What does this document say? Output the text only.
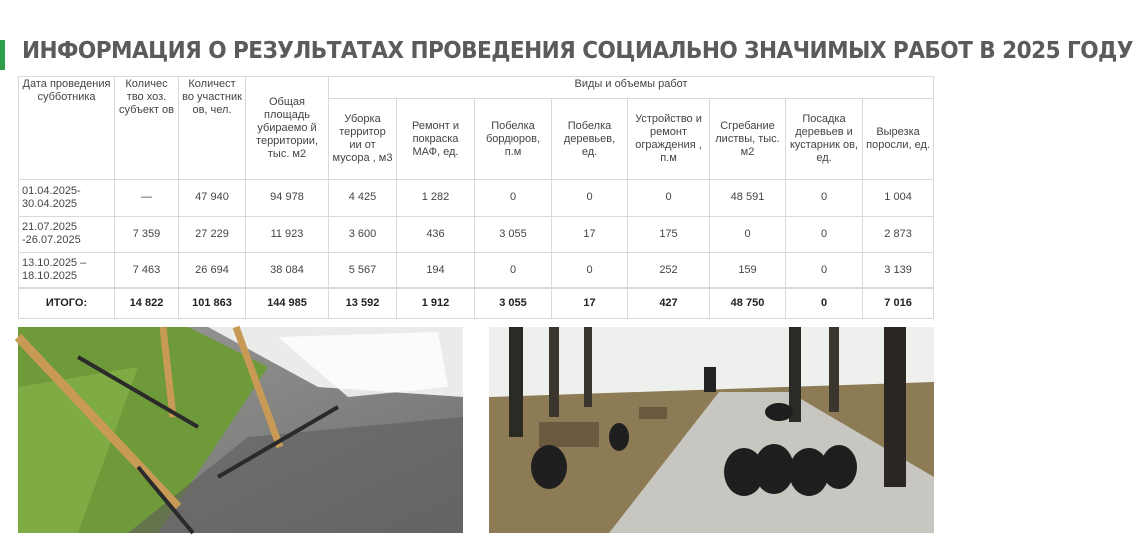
ИНФОРМАЦИЯ О РЕЗУЛЬТАТАХ ПРОВЕДЕНИЯ СОЦИАЛЬНО ЗНАЧИМЫХ РАБОТ В 2025 ГОДУ
Дата проведения субботника	Количес тво хоз. субъект ов	Количест во участник ов, чел.	Общая площадь убираемо й территории, тыс. м2	Виды и объемы работ							
				Уборка территор ии от мусора , м3	Ремонт и покраска МАФ, ед.	Побелка бордюров, п.м	Побелка деревьев, ед.	Устройство и ремонт ограждения , п.м	Сгребание листвы, тыс. м2	Посадка деревьев и кустарник ов, ед.	Вырезка поросли, ед.
01.04.2025-30.04.2025	—	47 940	94 978	4 425	1 282	0	0	0	48 591	0	1 004
21.07.2025 -26.07.2025	7 359	27 229	11 923	3 600	436	3 055	17	175	0	0	2 873
13.10.2025 – 18.10.2025	7 463	26 694	38 084	5 567	194	0	0	252	159	0	3 139
ИТОГО:	14 822	101 863	144 985	13 592	1 912	3 055	17	427	48 750	0	7 016
16
